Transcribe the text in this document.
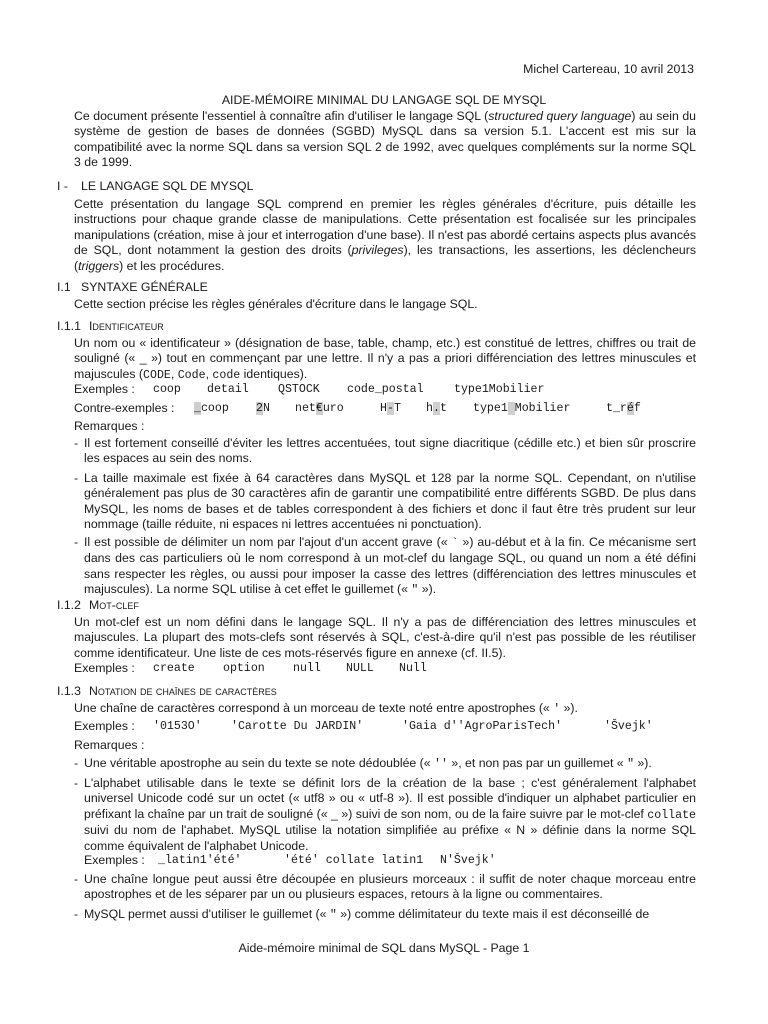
Michel Cartereau, 10 avril 2013
AIDE-MÉMOIRE MINIMAL DU LANGAGE SQL DE MYSQL

Ce document présente l'essentiel à connaître afin d'utiliser le langage SQL (structured query language) au sein du système de gestion de bases de données (SGBD) MySQL dans sa version 5.1. L'accent est mis sur la compatibilité avec la norme SQL dans sa version SQL 2 de 1992, avec quelques compléments sur la norme SQL 3 de 1999.

I - LE LANGAGE SQL DE MYSQL

Cette présentation du langage SQL comprend en premier les règles générales d'écriture, puis détaille les instructions pour chaque grande classe de manipulations. Cette présentation est focalisée sur les principales manipulations (création, mise à jour et interrogation d'une base). Il n'est pas abordé certains aspects plus avancés de SQL, dont notamment la gestion des droits (privileges), les transactions, les assertions, les déclencheurs (triggers) et les procédures.

I.1 SYNTAXE GÉNÉRALE

Cette section précise les règles générales d'écriture dans le langage SQL.

I.1.1 Identificateur

Un nom ou « identificateur » (désignation de base, table, champ, etc.) est constitué de lettres, chiffres ou trait de souligné (« _ ») tout en commençant par une lettre. Il n'y a pas a priori différenciation des lettres minuscules et majuscules (CODE, Code, code identiques).

Exemples : coop detail	QSTOCK code_postal	type1Mobilier
Contre-exemples : _coop 2N net€uro	H-T h.t type1 Mobilier	t_réf
Remarques :
- Il est fortement conseillé d'éviter les lettres accentuées, tout signe diacritique (cédille etc.) et bien sûr proscrire les espaces au sein des noms.
- La taille maximale est fixée à 64 caractères dans MySQL et 128 par la norme SQL. Cependant, on n'utilise généralement pas plus de 30 caractères afin de garantir une compatibilité entre différents SGBD. De plus dans MySQL, les noms de bases et de tables correspondent à des fichiers et donc il faut être très prudent sur leur nommage (taille réduite, ni espaces ni lettres accentuées ni ponctuation).
- Il est possible de délimiter un nom par l'ajout d'un accent grave (« ` ») au-début et à la fin. Ce mécanisme sert dans des cas particuliers où le nom correspond à un mot-clef du langage SQL, ou quand un nom a été défini sans respecter les règles, ou aussi pour imposer la casse des lettres (différenciation des lettres minuscules et majuscules). La norme SQL utilise à cet effet le guillemet (« " »).
I.1.2 Mot-clef

Un mot-clef est un nom défini dans le langage SQL. Il n'y a pas de différenciation des lettres minuscules et majuscules. La plupart des mots-clefs sont réservés à SQL, c'est-à-dire qu'il n'est pas possible de les réutiliser comme identificateur. Une liste de ces mots-réservés figure en annexe (cf. II.5).

Exemples : create option null NULL Null
I.1.3 Notation de chaînes de caractères

Une chaîne de caractères correspond à un morceau de texte noté entre apostrophes (« ' »).

Exemples : '0153O'	'Carotte Du JARDIN'	'Gaia d''AgroParisTech'	'Švejk'
Remarques :
- Une véritable apostrophe au sein du texte se note dédoublée (« '' », et non pas par un guillemet « " »).
- L'alphabet utilisable dans le texte se définit lors de la création de la base ; c'est généralement l'alphabet universel Unicode codé sur un octet (« utf8 » ou « utf-8 »). Il est possible d'indiquer un alphabet particulier en préfixant la chaîne par un trait de souligné (« _ ») suivi de son nom, ou de la faire suivre par le mot-clef collate suivi du nom de l'aphabet. MySQL utilise la notation simplifiée au préfixe « N » définie dans la norme SQL comme équivalent de l'alphabet Unicode.
Exemples : _latin1'été'	'été' collate latin1 N'Švejk'
- Une chaîne longue peut aussi être découpée en plusieurs morceaux : il suffit de noter chaque morceau entre apostrophes et de les séparer par un ou plusieurs espaces, retours à la ligne ou commentaires.
- MySQL permet aussi d'utiliser le guillemet (« " ») comme délimitateur du texte mais il est déconseillé de
Aide-mémoire minimal de SQL dans MySQL - Page 1
